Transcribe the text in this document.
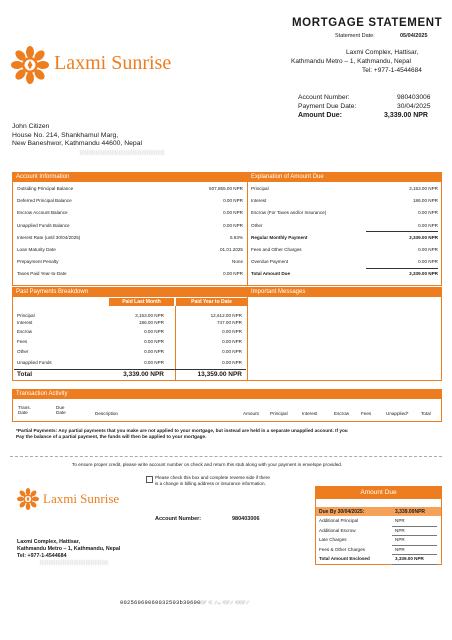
MORTGAGE STATEMENT
Statement Date:	05/04/2025
Laxmi Sunrise	Laxmi Complex, Hattisar,
Kathmandu Metro – 1, Kathmandu, Nepal
Tel: +977-1-4544684
Account Number:	980403006
Payment Due Date:	30/04/2025
Amount Due:	3,339.00 NPR
John Citizen
House No. 214, Shankhamul Marg,
New Baneshwor, Kathmandu 44600, Nepal
|||||||||||||||||||||||||||||||||||||
Account Information	Explanation of Amount Due
Outsiding Principal Balance	507,855.00 NPR
Deferred Principal Balance	0.00 NPR
Escrow Account Balance	0.00 NPR
Unapplied Funds Balance	0.00 NPR
Interest Rate (until 30/04/2025)	5.93%
Loan Maturity Date	01.01.2025
Prepayment Penalty	None
Taxes Paid Year-to-Date	0.00 NPR
Principal	3,153.00 NPR
Interest	186.00 NPR
Escrow (For Taxes and/or Insurance)	0.00 NPR
Other	0.00 NPR
Regular Monthly Payment	3,339.00 NPR
Fees and Other Charges	0.00 NPR
Overdue Payment	0.00 NPR
Total Amount Due	3,339.00 NPR
Past Payments Breakdown	Important Messages
Paid Last Month	Paid Year to Date
Principal	3,153.00 NPR	12,612.00 NPR
Interest	186.00 NPR	747.00 NPR
Escrow	0.00 NPR	0.00 NPR
Fees	0.00 NPR	0.00 NPR
Other	0.00 NPR	0.00 NPR
Unapplied Funds	0.00 NPR	0.00 NPR
Total	3,339.00 NPR	13,359.00 NPR
Transaction Activity
Trans.
Date
Due
Date	Description	Amount Principal	Interest	Escrow	Fees	Unapplied*	Total
*Partial Payments: Any partial payments that you make are not applied to your mortgage, but instead are held in a separate unapplied account. If you
Pay the balance of a partial payment, the funds will then be applied to your mortgage.
To ensure proper credit, please write account number on check and return this stub along with your payment in envelope provided.
Please check this box and complete reverse side if there
is a change in billing address or insurance information.
Laxmi Sunrise
Account Number:	980403006
Laxmi Complex, Hattisar,
Kathmandu Metro – 1, Kathmandu, Nepal
Tel: +977-1-4544684
||||||||||||||||||||||||||||||
Amount Due
Due By 30/04/2025:	3,339.00NPR
Additional Principal	NPR
Additional Escrow	NPR
Late Charges	NPR
Fees & Other Charges	NPR
Total Amount Enclosed	3,339.00 NPR
00256069060032503b30600 ⑆⑈ ⑆ ⑇⑉ ⑆⑈⑇ ⑆⑆⑈⑇
